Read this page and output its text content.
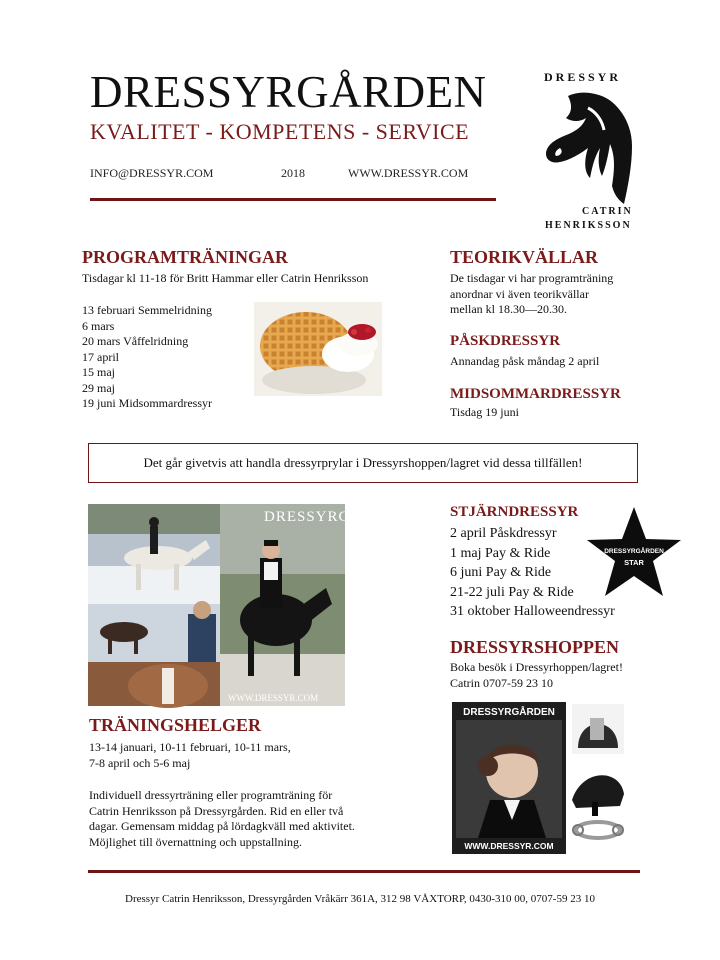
DRESSYRGÅRDEN
KVALITET - KOMPETENS - SERVICE
INFO@DRESSYR.COM	2018	WWW.DRESSYR.COM
DRESSYR
CATRIN
HENRIKSSON
PROGRAMTRÄNINGAR
Tisdagar kl 11-18 för Britt Hammar eller Catrin Henriksson
13 februari Semmelridning
6 mars
20 mars Våffelridning
17 april
15 maj
29 maj
19 juni Midsommardressyr
TEORIKVÄLLAR
De tisdagar vi har programträning
anordnar vi även teorikvällar
mellan kl 18.30—20.30.
PÅSKDRESSYR
Annandag påsk måndag 2 april
MIDSOMMARDRESSYR
Tisdag 19 juni
Det går givetvis att handla dressyrprylar i Dressyrshoppen/lagret vid dessa tillfällen!
DRESSYRGÅRDEN
WWW.DRESSYR.COM
STJÄRNDRESSYR
2 april Påskdressyr
1 maj Pay & Ride
6 juni Pay & Ride
21-22 juli Pay & Ride
31 oktober Halloweendressyr
DRESSYRGÅRDEN
STAR
DRESSYRSHOPPEN
Boka besök i Dressyrhoppen/lagret!
Catrin 0707-59 23 10
DRESSYRGÅRDEN
WWW.DRESSYR.COM
TRÄNINGSHELGER
13-14 januari, 10-11 februari, 10-11 mars,
7-8 april och 5-6 maj
Individuell dressyrträning eller programträning för
Catrin Henriksson på Dressyrgården. Rid en eller två
dagar. Gemensam middag på lördagkväll med aktivitet.
Möjlighet till övernattning och uppstallning.
Dressyr Catrin Henriksson, Dressyrgården Vråkärr 361A, 312 98 VÅXTORP, 0430-310 00, 0707-59 23 10
